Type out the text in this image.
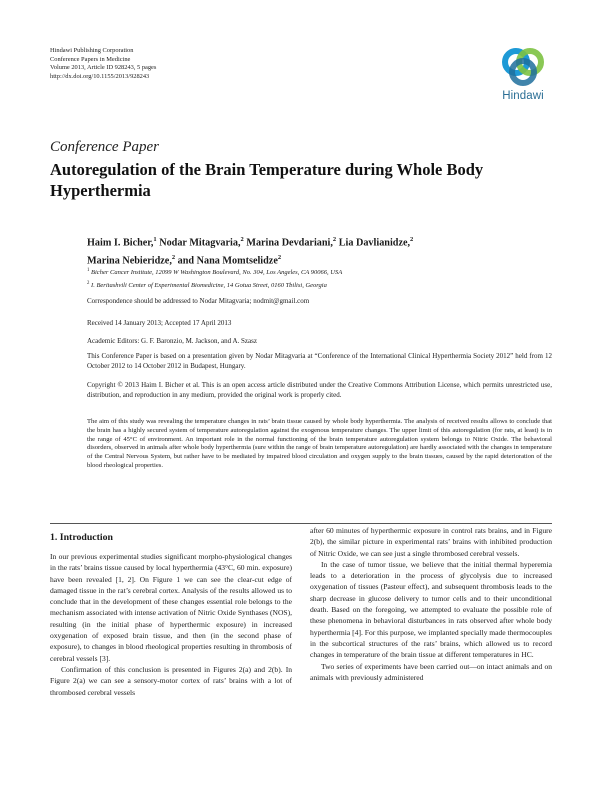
Hindawi Publishing Corporation
Conference Papers in Medicine
Volume 2013, Article ID 928243, 5 pages
http://dx.doi.org/10.1155/2013/928243
Hindawi
Conference Paper
Autoregulation of the Brain Temperature during Whole Body Hyperthermia
Haim I. Bicher,$^1$ Nodar Mitagvaria,$^2$ Marina Devdariani,$^2$ Lia Davlianidze,$^2$
Marina Nebieridze,$^2$ and Nana Momtselidze$^2$
$^1$ Bicher Cancer Institute, 12099 W Washington Boulevard, No. 304, Los Angeles, CA 90066, USA
$^2$ I. Beritashvili Center of Experimental Biomedicine, 14 Gotua Street, 0160 Tbilisi, Georgia
Correspondence should be addressed to Nodar Mitagvaria; nodmit@gmail.com
Received 14 January 2013; Accepted 17 April 2013
Academic Editors: G. F. Baronzio, M. Jackson, and A. Szasz
This Conference Paper is based on a presentation given by Nodar Mitagvaria at “Conference of the International Clinical Hyperthermia Society 2012” held from 12 October 2012 to 14 October 2012 in Budapest, Hungary.
Copyright © 2013 Haim I. Bicher et al. This is an open access article distributed under the Creative Commons Attribution License, which permits unrestricted use, distribution, and reproduction in any medium, provided the original work is properly cited.
The aim of this study was revealing the temperature changes in rats’ brain tissue caused by whole body hyperthermia. The analysis of received results allows to conclude that the brain has a highly secured system of temperature autoregulation against the exogenous temperature changes. The upper limit of this autoregulation (for rats, at least) is in the range of 45°C of environment. An important role in the normal functioning of the brain temperature autoregulation system belongs to Nitric Oxide. The behavioral disorders, observed in animals after whole body hyperthermia (sure within the range of brain temperature autoregulation) are hardly associated with the changes in temperature of the Central Nervous System, but rather have to be mediated by impaired blood circulation and oxygen supply to the brain tissues, caused by the rapid deterioration of the blood rheological properties.
1. Introduction

In our previous experimental studies significant morpho-physiological changes in the rats’ brains tissue caused by local hyperthermia (43°C, 60 min. exposure) have been revealed [1, 2]. On Figure 1 we can see the clear-cut edge of damaged tissue in the rat’s cerebral cortex. Analysis of the results allowed us to conclude that in the development of these changes essential role belongs to the mechanism associated with intense activation of Nitric Oxide Synthases (NOS), resulting (in the initial phase of hyperthermic exposure) in increased oxygenation of exposed brain tissue, and then (in the second phase of exposure), to changes in blood rheological properties resulting in thrombosis of cerebral vessels [3].

Confirmation of this conclusion is presented in Figures 2(a) and 2(b). In Figure 2(a) we can see a sensory-motor cortex of rats’ brains with a lot of thrombosed cerebral vessels

after 60 minutes of hyperthermic exposure in control rats brains, and in Figure 2(b), the similar picture in experimental rats’ brains with inhibited production of Nitric Oxide, we can see just a single thrombosed cerebral vessels.

In the case of tumor tissue, we believe that the initial thermal hyperemia leads to a deterioration in the process of glycolysis due to increased oxygenation of tissues (Pasteur effect), and subsequent thrombosis leads to the sharp decrease in glucose delivery to tumor cells and to their unconditional death. Based on the foregoing, we attempted to evaluate the possible role of these phenomena in behavioral disturbances in rats observed after whole body hyperthermia [4]. For this purpose, we implanted specially made thermocouples in the subcortical structures of the rats’ brains, which allowed us to record changes in temperature of the brain tissue at different temperatures in HC.

Two series of experiments have been carried out—on intact animals and on animals with previously administered
